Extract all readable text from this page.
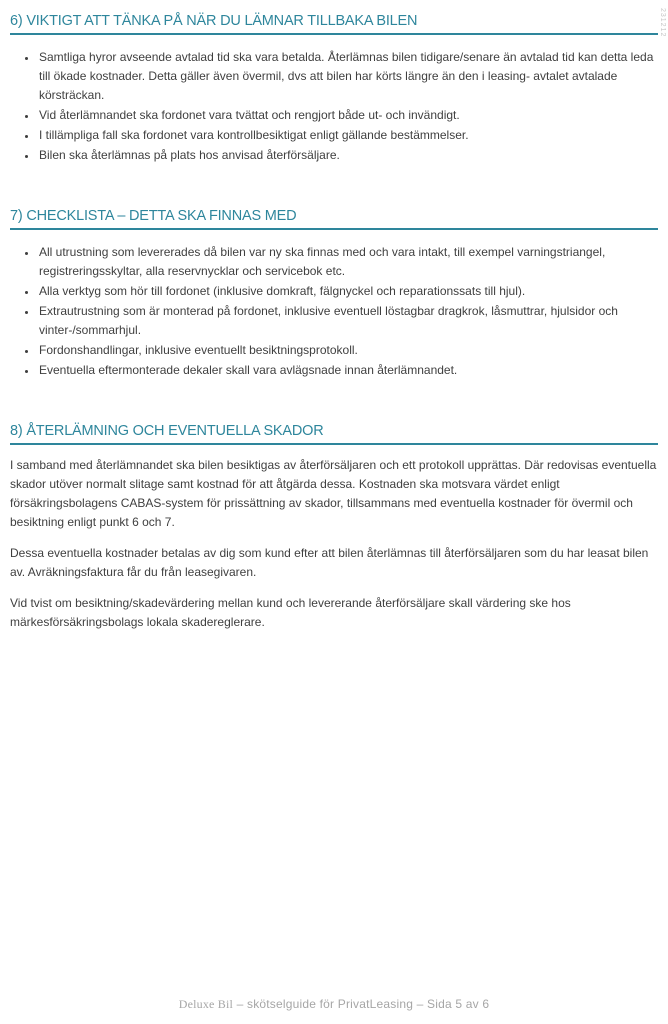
231212
6) VIKTIGT ATT TÄNKA PÅ NÄR DU LÄMNAR TILLBAKA BILEN
• Samtliga hyror avseende avtalad tid ska vara betalda. Återlämnas bilen tidigare/senare än avtalad tid kan detta leda till ökade kostnader. Detta gäller även övermil, dvs att bilen har körts längre än den i leasing- avtalet avtalade körsträckan.
• Vid återlämnandet ska fordonet vara tvättat och rengjort både ut- och invändigt.
• I tillämpliga fall ska fordonet vara kontrollbesiktigat enligt gällande bestämmelser.
• Bilen ska återlämnas på plats hos anvisad återförsäljare.
7) CHECKLISTA – DETTA SKA FINNAS MED
• All utrustning som levererades då bilen var ny ska finnas med och vara intakt, till exempel varningstriangel, registreringsskyltar, alla reservnycklar och servicebok etc.
• Alla verktyg som hör till fordonet (inklusive domkraft, fälgnyckel och reparationssats till hjul).
• Extrautrustning som är monterad på fordonet, inklusive eventuell löstagbar dragkrok, låsmuttrar, hjulsidor och vinter-/sommarhjul.
• Fordonshandlingar, inklusive eventuellt besiktningsprotokoll.
• Eventuella eftermonterade dekaler skall vara avlägsnade innan återlämnandet.
8) ÅTERLÄMNING OCH EVENTUELLA SKADOR

I samband med återlämnandet ska bilen besiktigas av återförsäljaren och ett protokoll upprättas. Där redovisas eventuella skador utöver normalt slitage samt kostnad för att åtgärda dessa. Kostnaden ska motsvara värdet enligt försäkringsbolagens CABAS-system för prissättning av skador, tillsammans med eventuella kostnader för övermil och besiktning enligt punkt 6 och 7.

Dessa eventuella kostnader betalas av dig som kund efter att bilen återlämnas till återförsäljaren som du har leasat bilen av. Avräkningsfaktura får du från leasegivaren.

Vid tvist om besiktning/skadevärdering mellan kund och levererande återförsäljare skall värdering ske hos märkesförsäkringsbolags lokala skadereglerare.

Deluxe Bil – skötselguide för PrivatLeasing – Sida 5 av 6
